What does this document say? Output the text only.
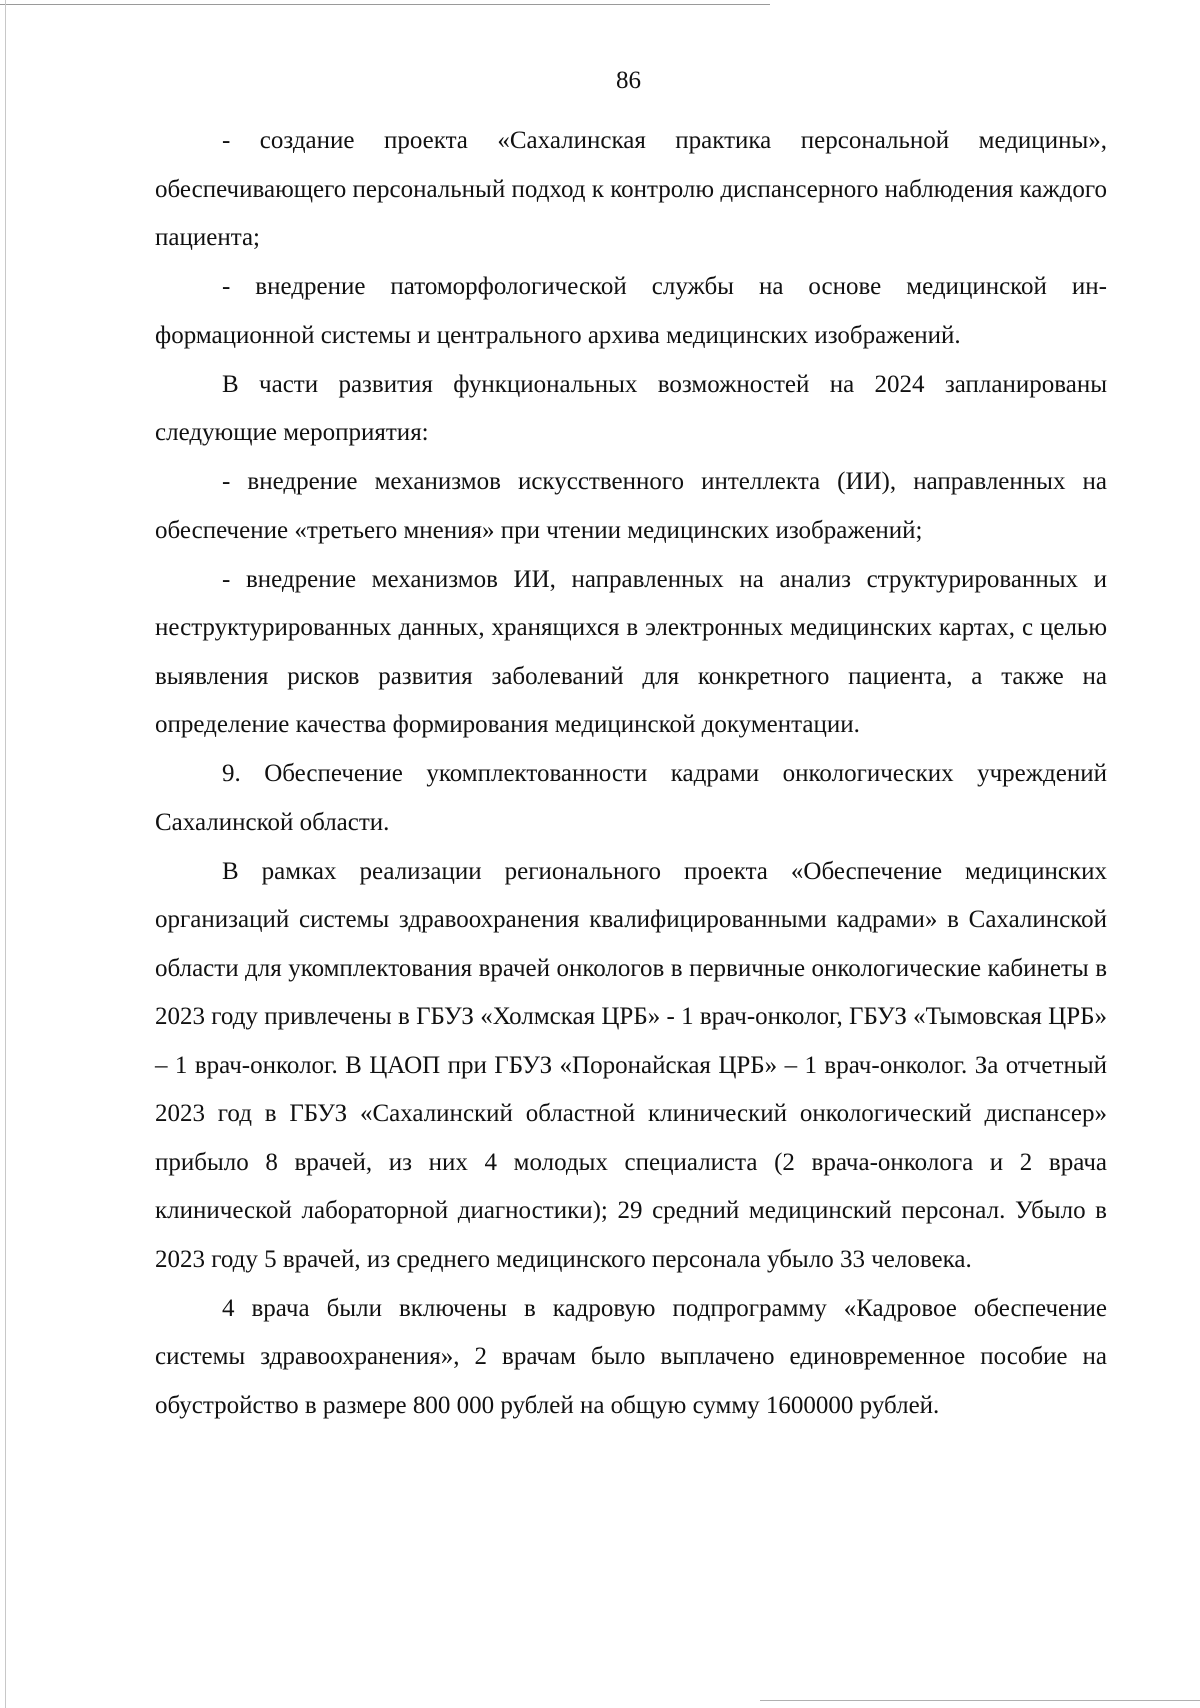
86

- создание проекта «Сахалинская практика персональной медицины», обеспечивающего персональный подход к контролю диспансерного наблюдения каждого пациента;

- внедрение патоморфологической службы на основе медицинской информационной системы и центрального архива медицинских изображений.

В части развития функциональных возможностей на 2024 запланированы следующие мероприятия:

- внедрение механизмов искусственного интеллекта (ИИ), направленных на обеспечение «третьего мнения» при чтении медицинских изображений;

- внедрение механизмов ИИ, направленных на анализ структурированных и неструктурированных данных, хранящихся в электронных медицинских картах, с целью выявления рисков развития заболеваний для конкретного пациента, а также на определение качества формирования медицинской документации.

9. Обеспечение укомплектованности кадрами онкологических учреждений Сахалинской области.

В рамках реализации регионального проекта «Обеспечение медицинских организаций системы здравоохранения квалифицированными кадрами» в Сахалинской области для укомплектования врачей онкологов в первичные онкологические кабинеты в 2023 году привлечены в ГБУЗ «Холмская ЦРБ» - 1 врач-онколог, ГБУЗ «Тымовская ЦРБ» – 1 врач-онколог. В ЦАОП при ГБУЗ «Поронайская ЦРБ» – 1 врач-онколог. За отчетный 2023 год в ГБУЗ «Сахалинский областной клинический онкологический диспансер» прибыло 8 врачей, из них 4 молодых специалиста (2 врача-онколога и 2 врача клинической лабораторной диагностики); 29 средний медицинский персонал. Убыло в 2023 году 5 врачей, из среднего медицинского персонала убыло 33 человека.

4 врача были включены в кадровую подпрограмму «Кадровое обеспечение системы здравоохранения», 2 врачам было выплачено единовременное пособие на обустройство в размере 800 000 рублей на общую сумму 1600000 рублей.
